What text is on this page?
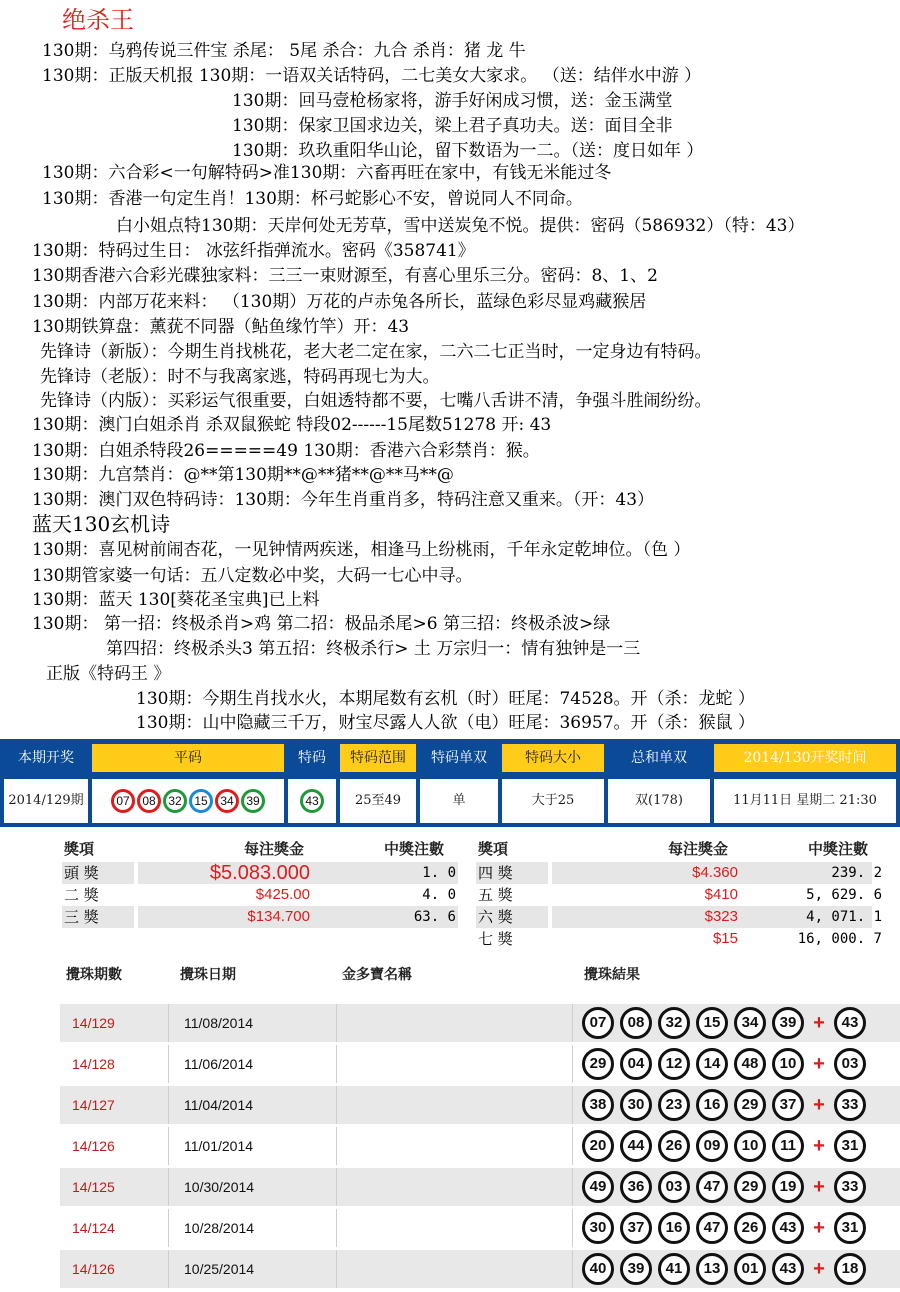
绝杀王
130期：乌鸦传说三件宝 杀尾： 5尾 杀合：九合 杀肖：猪 龙 牛
130期：正版天机报 130期：一语双关话特码，二七美女大家求。 （送：结伴水中游 ）
130期：回马壹枪杨家将，游手好闲成习惯，送：金玉满堂
130期：保家卫国求边关，梁上君子真功夫。送：面目全非
130期：玖玖重阳华山论，留下数语为一二。（送：度日如年 ）
130期：六合彩<一句解特码>准130期：六畜再旺在家中，有钱无米能过冬
130期：香港一句定生肖！130期：杯弓蛇影心不安，曾说同人不同命。
白小姐点特130期：天岸何处无芳草，雪中送炭兔不悦。提供：密码（586932）（特：43）
130期：特码过生日： 冰弦纤指弹流水。密码《358741》
130期香港六合彩光碟独家料：三三一束财源至，有喜心里乐三分。密码：8、1、2
130期：内部万花来料： （130期）万花的卢赤兔各所长，蓝绿色彩尽显鸡藏猴居
130期铁算盘：薰莸不同器（鲇鱼缘竹竿）开：43
先锋诗（新版）：今期生肖找桃花，老大老二定在家，二六二七正当时，一定身边有特码。
先锋诗（老版）：时不与我离家逃，特码再现七为大。
先锋诗（内版）：买彩运气很重要，白姐透特都不要，七嘴八舌讲不清，争强斗胜闹纷纷。
130期：澳门白姐杀肖 杀双鼠猴蛇 特段02------15尾数51278 开: 43
130期：白姐杀特段26=====49 130期：香港六合彩禁肖：猴。
130期：九宫禁肖：@**第130期**@**猪**@**马**@
130期：澳门双色特码诗：130期：今年生肖重肖多，特码注意又重来。（开：43）
蓝天130玄机诗
130期：喜见树前闹杏花，一见钟情两疾迷，相逢马上纷桃雨，千年永定乾坤位。（色 ）
130期管家婆一句话：五八定数必中奖，大码一七心中寻。
130期：蓝天 130[葵花圣宝典]已上料
130期： 第一招：终极杀肖>鸡 第二招：极品杀尾>6 第三招：终极杀波>绿
第四招：终极杀头3 第五招：终极杀行> 土 万宗归一：情有独钟是一三
正版《特码王 》
130期：今期生肖找水火，本期尾数有玄机（时）旺尾：74528。开（杀：龙蛇 ）
130期：山中隐藏三千万，财宝尽露人人欲（电）旺尾：36957。开（杀：猴鼠 ）
本期开奖	平码	特码	特码范围	特码单双	特码大小	总和单双	2014/130开奖时间
2014/129期	07	08	32	15	34	39	43	25至49	单	大于25	双(178)	11月11日 星期二 21:30
獎項	每注獎金	中獎注數 獎項	每注獎金	中獎注數
頭 獎	$5.083.000	1. 0
二 獎	$425.00	4. 0
三 獎	$134.700	63. 6
四 獎	$4.360	239. 2
五 獎	$410	5, 629. 6
六 獎	$323	4, 071. 1
七 獎	$15	16, 000. 7
攪珠期數	攪珠日期	金多寶名稱	攪珠結果
14/129	11/08/2014	07	08	32	15	34	39 +	43
14/128	11/06/2014	29	04	12	14	48	10 +	03
14/127	11/04/2014	38	30	23	16	29	37 +	33
14/126	11/01/2014	20	44	26	09	10	11 +	31
14/125	10/30/2014	49	36	03	47	29	19 +	33
14/124	10/28/2014	30	37	16	47	26	43 +	31
14/126	10/25/2014	40	39	41	13	01	43 +	18
